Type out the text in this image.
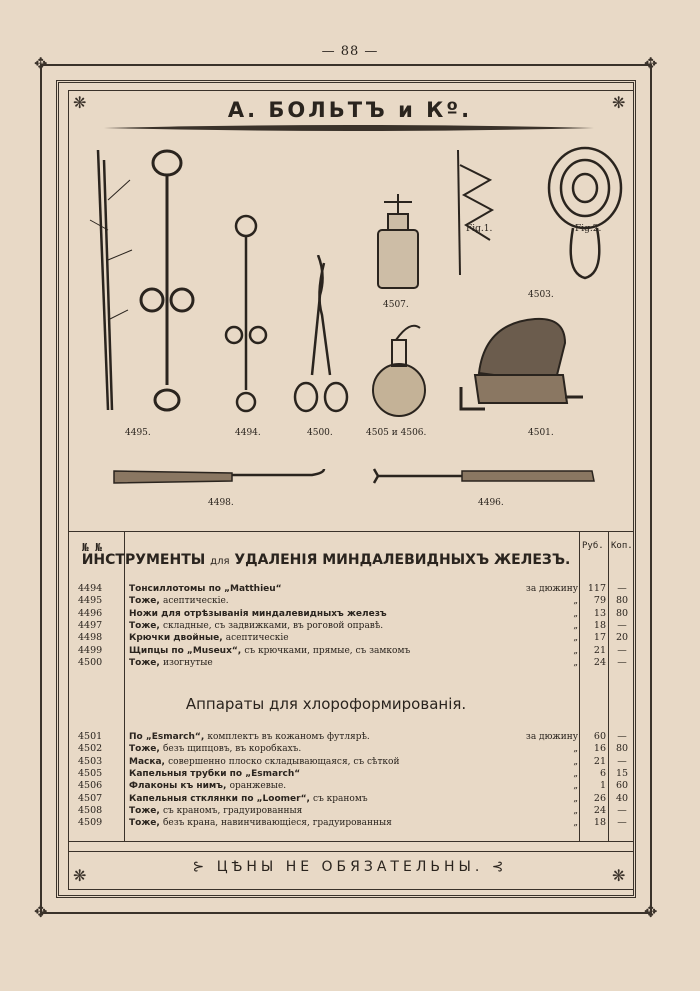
— 88 —
✥	✥
✥	✥
❋	❋
❋	❋
А. БОЛЬТЪ и Кº.
4495.	4494.	4500.
4507.
4505 и 4506.
Fig.1.	Fig.2.
4503.
4501.
4498.	4496.
№ №	Руб. Коп.
ИНСТРУМЕНТЫ для УДАЛЕНІЯ МИНДАЛЕВИДНЫХЪ ЖЕЛЕЗЪ.
4494	Тонсиллотомы по „Matthieu“	за дюжину	117	—
4495	Тоже, асептическіе.	„	79	80
4496	Ножи для отрѣзыванія миндалевидныхъ железъ	„	13	80
4497	Тоже, складные, съ задвижками, въ роговой оправѣ.	„	18	—
4498	Крючки двойные, асептическіе	„	17	20
4499	Щипцы по „Museux“, съ крючками, прямые, съ замкомъ	„	21	—
4500	Тоже, изогнутые	„	24	—
Аппараты для хлороформированія.
4501	По „Esmarch“, комплектъ въ кожаномъ футлярѣ.	за дюжину	60	—
4502	Тоже, безъ щипцовъ, въ коробкахъ.	„	16	80
4503	Маска, совершенно плоско складывающаяся, съ сѣткой	„	21	—
4505	Капельныя трубки по „Esmarch“	„	6	15
4506	Флаконы къ нимъ, оранжевые.	„	1	60
4507	Капельныя стклянки по „Loomer“, съ краномъ	„	26	40
4508	Тоже, съ краномъ, градуированныя	„	24	—
4509	Тоже, безъ крана, навинчивающіеся, градуированныя	„	18	—
⊱ ЦѢНЫ НЕ ОБЯЗАТЕЛЬНЫ. ⊰
